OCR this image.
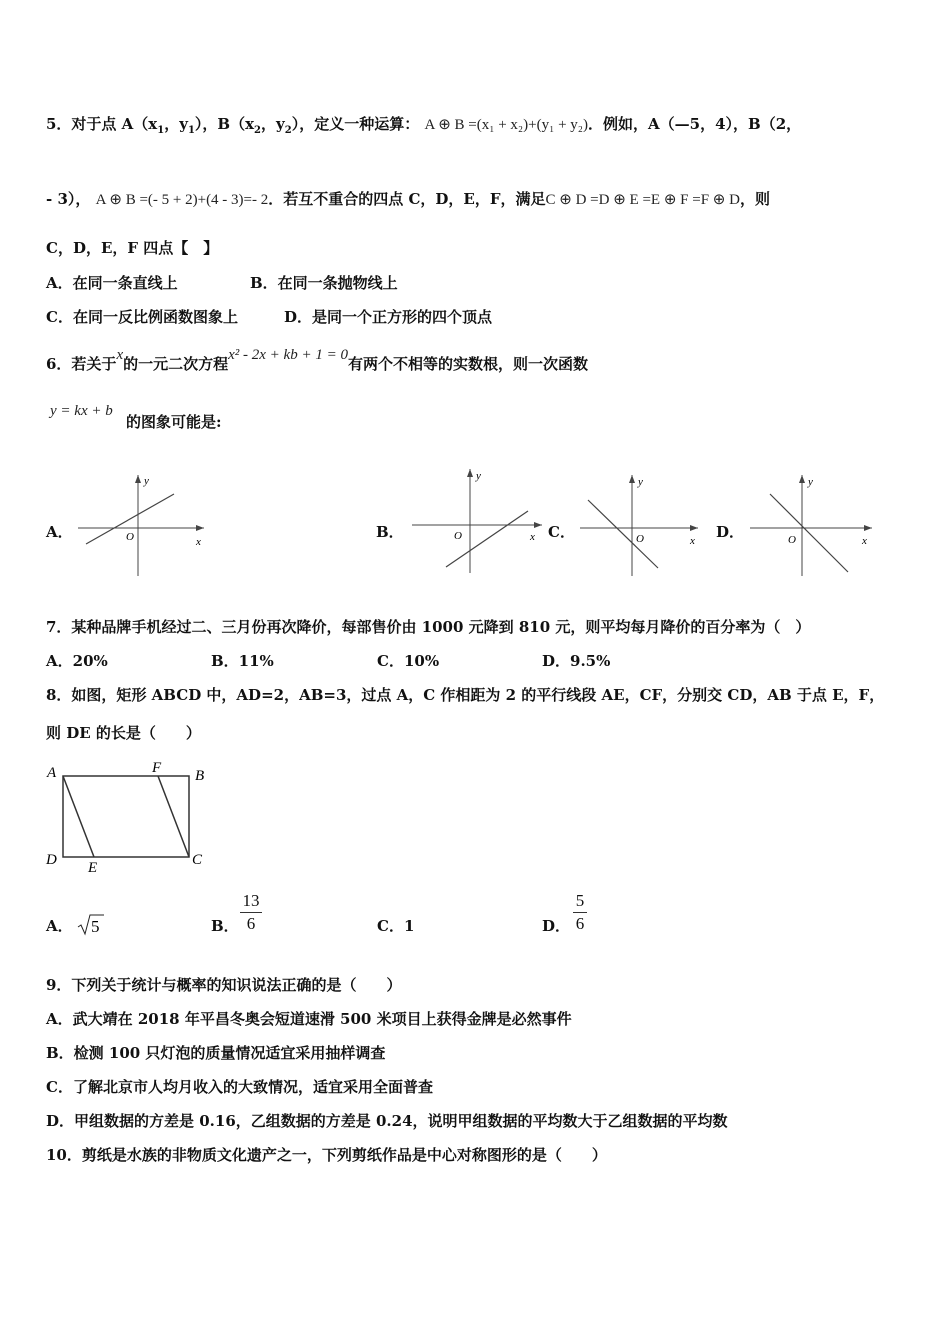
5．对于点 $A(x_1$，$y_1$），$B(x_2$，$y_2$），定义一种运算： A ⊕ B =(x₁ + x₂)+(y₁ + y₂)．例如，A（—5，4），B（2，
- 3）， A ⊕ B =(- 5 + 2)+(4 - 3)=- 2．若互不重合的四点 C，D，E，F，满足C ⊕ D =D ⊕ E =E ⊕ F =F ⊕ D，则
C，D，E，F 四点【　】
A．在同一条直线上	B．在同一条抛物线上
C．在同一反比例函数图象上	D．是同一个正方形的四个顶点
6．若关于x的一元二次方程x² - 2x + kb + 1 = 0有两个不相等的实数根，则一次函数
y = kx + b
的图象可能是:
A．	B．	C．	D．
y
x
O
y
x
O
y
x
O
y
x
O
7．某种品牌手机经过二、三月份再次降价，每部售价由 1000 元降到 810 元，则平均每月降价的百分率为（　）
A．20%	B．11%	C．10%	D．9.5%
8．如图，矩形 ABCD 中，AD=2，AB=3，过点 A，C 作相距为 2 的平行线段 AE，CF，分别交 CD，AB 于点 E，F，
则 DE 的长是（　　）
A	F B
D E	C
A． 5	B．
13
6	C．1	D．
5
6
9．下列关于统计与概率的知识说法正确的是（　　）
A．武大靖在 2018 年平昌冬奥会短道速滑 500 米项目上获得金牌是必然事件
B．检测 100 只灯泡的质量情况适宜采用抽样调查
C．了解北京市人均月收入的大致情况，适宜采用全面普查
D．甲组数据的方差是 0.16，乙组数据的方差是 0.24，说明甲组数据的平均数大于乙组数据的平均数
10．剪纸是水族的非物质文化遗产之一，下列剪纸作品是中心对称图形的是（　　）
